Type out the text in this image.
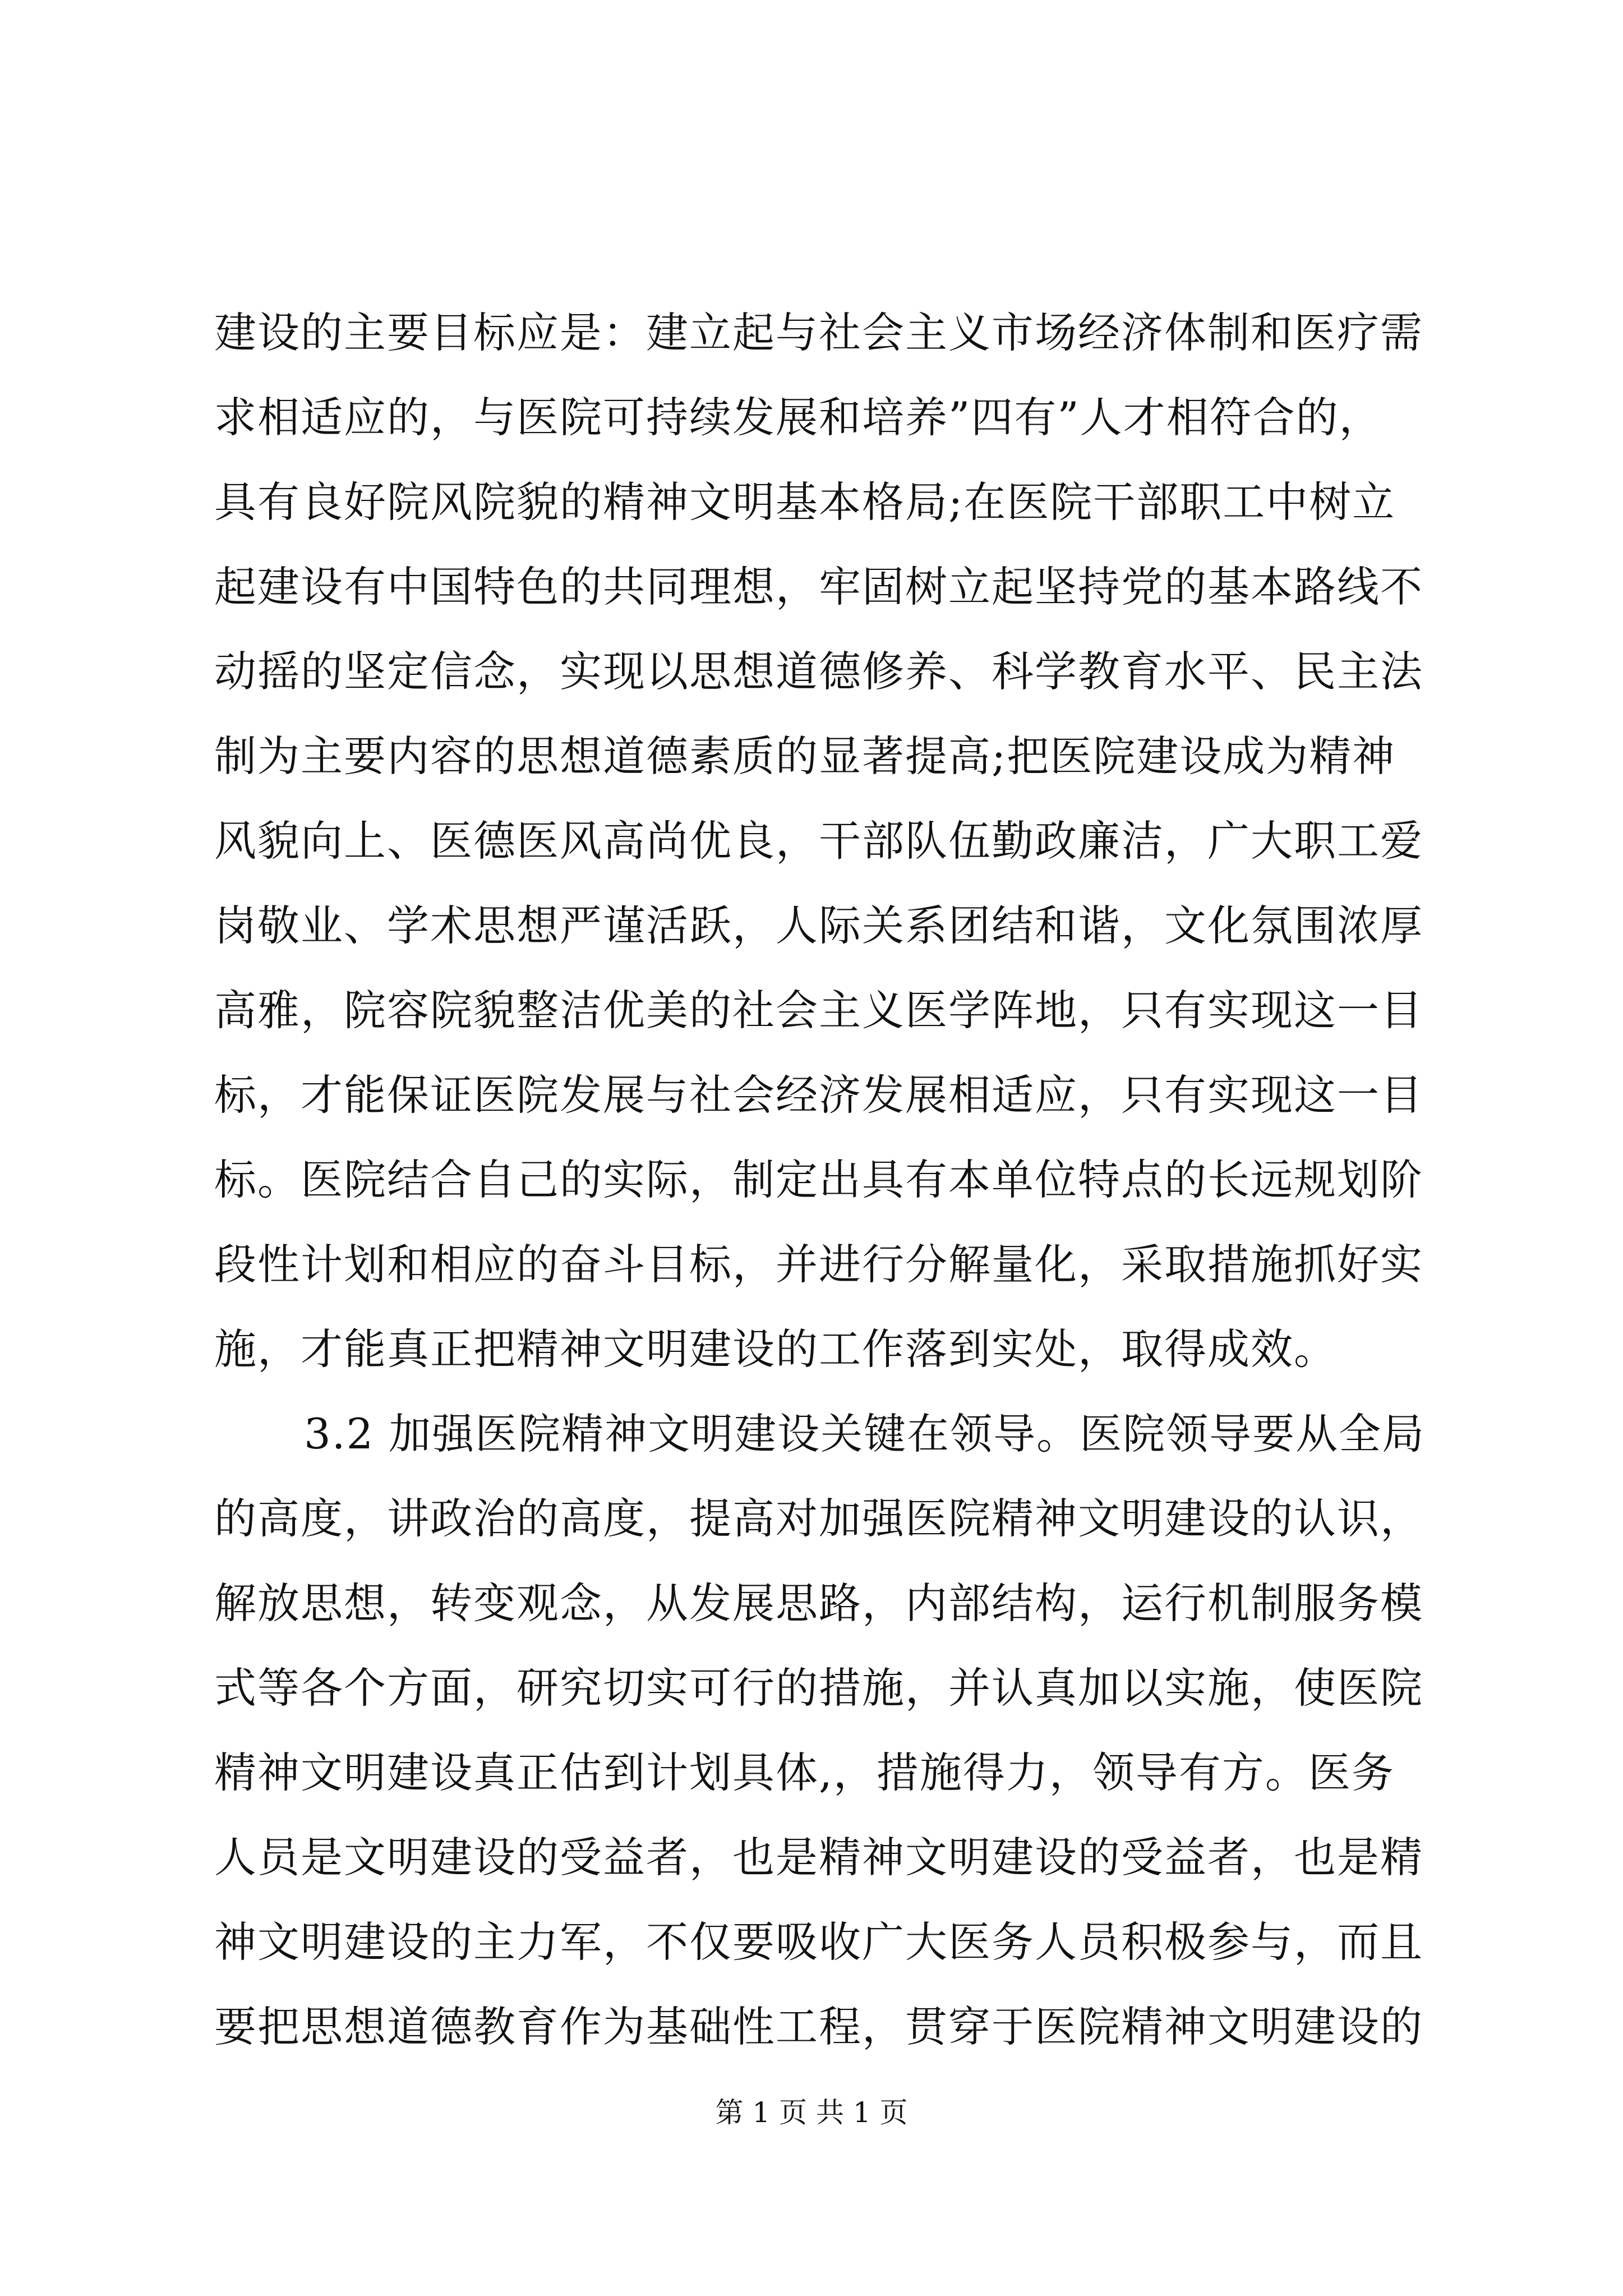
建设的主要目标应是：建立起与社会主义市场经济体制和医疗需
求相适应的，与医院可持续发展和培养”四有”人才相符合的，
具有良好院风院貌的精神文明基本格局;在医院干部职工中树立
起建设有中国特色的共同理想，牢固树立起坚持党的基本路线不
动摇的坚定信念，实现以思想道德修养、科学教育水平、民主法
制为主要内容的思想道德素质的显著提高;把医院建设成为精神
风貌向上、医德医风高尚优良，干部队伍勤政廉洁，广大职工爱
岗敬业、学术思想严谨活跃，人际关系团结和谐，文化氛围浓厚
高雅，院容院貌整洁优美的社会主义医学阵地，只有实现这一目
标，才能保证医院发展与社会经济发展相适应，只有实现这一目
标。医院结合自己的实际，制定出具有本单位特点的长远规划阶
段性计划和相应的奋斗目标，并进行分解量化，采取措施抓好实
施，才能真正把精神文明建设的工作落到实处，取得成效。
3.2 加强医院精神文明建设关键在领导。医院领导要从全局
的高度，讲政治的高度，提高对加强医院精神文明建设的认识，
解放思想，转变观念，从发展思路，内部结构，运行机制服务模
式等各个方面，研究切实可行的措施，并认真加以实施，使医院
精神文明建设真正估到计划具体,，措施得力，领导有方。医务
人员是文明建设的受益者，也是精神文明建设的受益者，也是精
神文明建设的主力军，不仅要吸收广大医务人员积极参与，而且
要把思想道德教育作为基础性工程，贯穿于医院精神文明建设的
第 1 页 共 1 页
